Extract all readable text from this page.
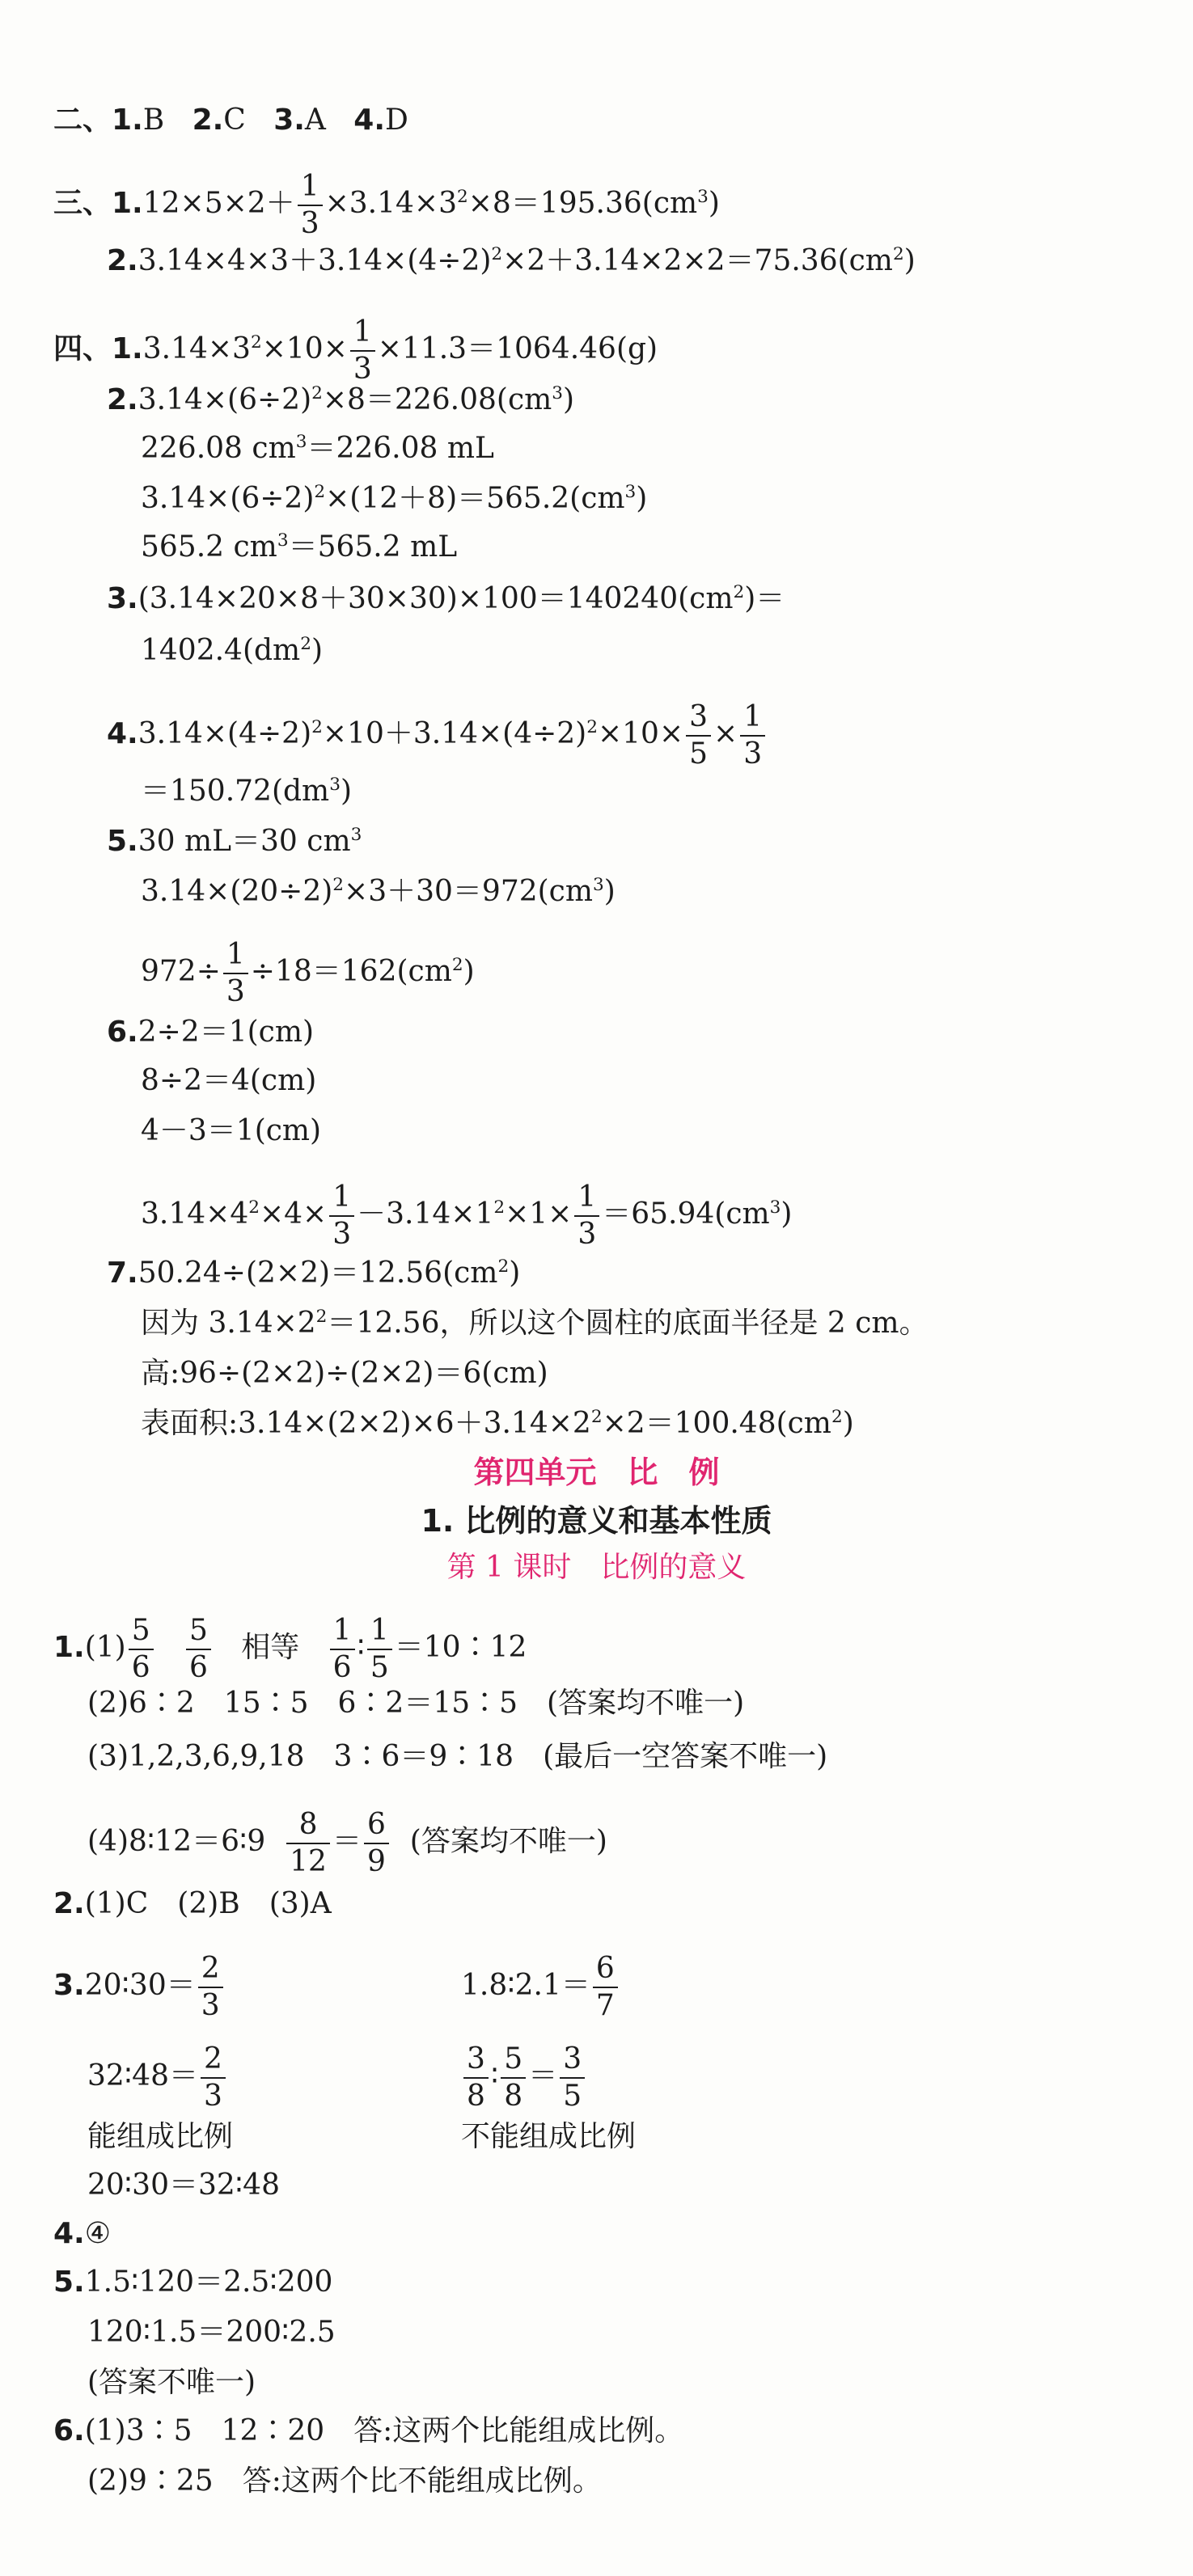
二、1.B 2.C 3.A 4.D
三、$1.12\times 5\times 2+ \frac{1}{3} \times 3.14\times 3^2\times 8=195.36(cm^3)$
$2.3.14\times 4\times 3+3.14\times(4\div 2)^2\times 2+3.14\times 2\times 2=75.36(cm^2)$
四、$1.3.14\times 3^2\times 10\times \frac{1}{3} \times 11.3=1064.46(g)$
$2.3.14\times(6\div 2)^2\times 8=226.08(cm^3)$
226.08 $cm^3=226.08$ mL
$3.14\times(6\div 2)^2\times(12+8)=565.2(cm^3)$
565.2 $cm^3=565.2$ mL
$3.(3.14\times 20\times 8+30\times 30)\times 100=140240(cm^2)=$
$1402.4(dm^2)$
$4.3.14\times(4\div 2)^2\times 10+3.14\times(4\div 2)^2\times 10\times \frac{3}{5} \times \frac{1}{3}$
$=150.72(dm^3)$
5.30 mL＝30 $cm^3$
$3.14\times(20\div 2)^2\times 3+30=972(cm^3)$
$972\div \frac{1}{3} \div 18=162(cm^2)$
6.2÷2＝1(cm)
8÷2＝4(cm)
4－3＝1(cm)
$3.14\times 4^2\times 4\times \frac{1}{3} -3.14\times 1^2\times 1\times \frac{1}{3} =65.94(cm^3)$
$7.50.24\div(2\times 2)=12.56(cm^2)$
因为 $3.14\times 2^2=12.56$，所以这个圆柱的底面半径是 2 cm。
高:96÷(2×2)÷(2×2)＝6(cm)
表面积$:3.14\times(2\times 2)\times 6+3.14\times 2^2\times 2=100.48(cm^2)$
第四单元　比　例
1. 比例的意义和基本性质
第 1 课时　比例的意义
$1.(1) \frac{5}{6}$
$\frac{5}{6}$ 相等 $\frac{1}{6}$ ∶ $\frac{1}{5}$ ＝10∶12
(2)6∶2　15∶5　6∶2＝15∶5　(答案均不唯一)
(3)1,2,3,6,9,18　3∶6＝9∶18　(最后一空答案不唯一)
(4)8∶12＝6∶9 $\frac{8}{12} = \frac{6}{9}$ (答案均不唯一)
2.(1)C　(2)B　(3)A
3.20∶30＝ $\frac{2}{3}$	1.8∶2.1＝ $\frac{6}{7}$
32∶48＝ $\frac{2}{3}$	$\frac{3}{8}$ ∶ $\frac{5}{8} = \frac{3}{5}$
能组成比例	不能组成比例
20∶30＝32∶48
4.④
5.1.5∶120＝2.5∶200
120∶1.5＝200∶2.5
(答案不唯一)
6.(1)3∶5　12∶20　答:这两个比能组成比例。
(2)9∶25　答:这两个比不能组成比例。
